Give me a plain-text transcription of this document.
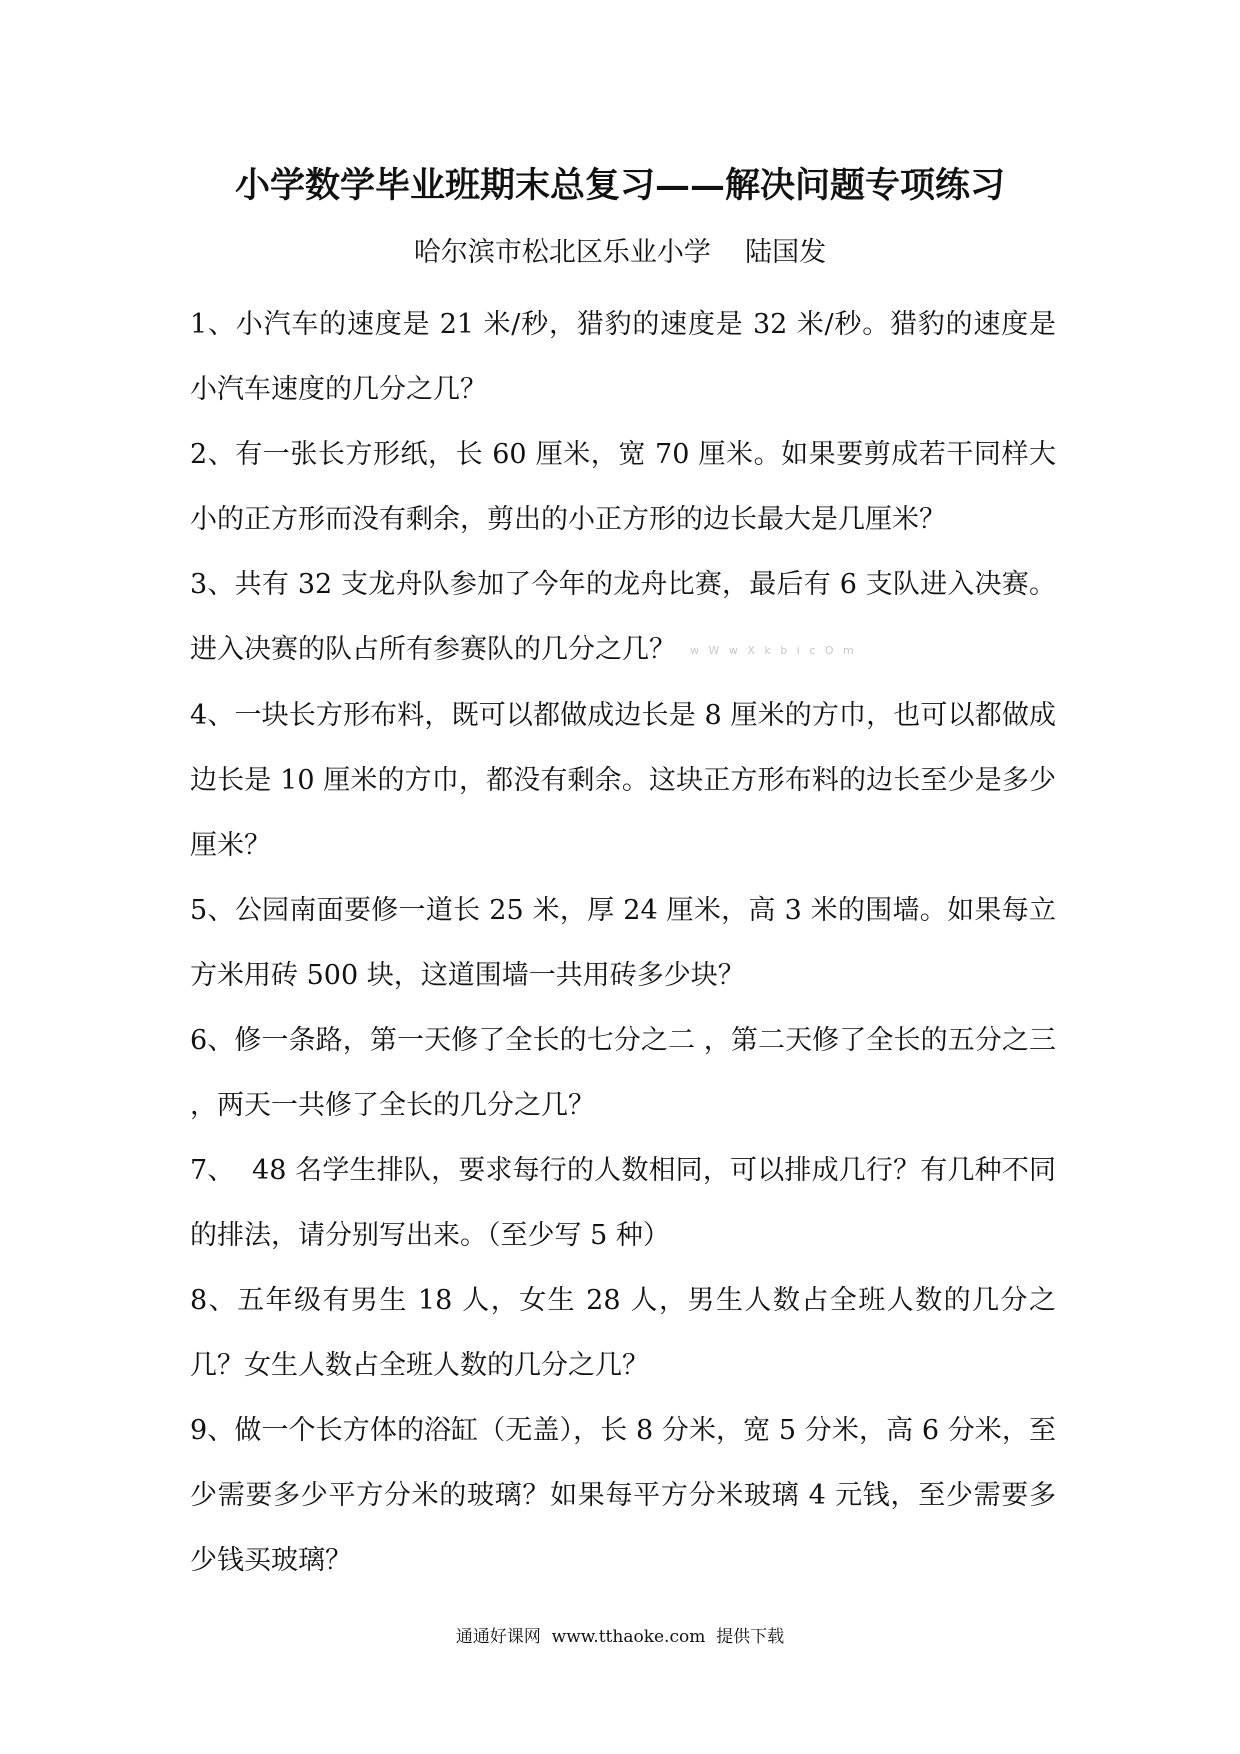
小学数学毕业班期末总复习——解决问题专项练习
哈尔滨市松北区乐业小学    陆国发

1、小汽车的速度是 21 米/秒，猎豹的速度是 32 米/秒。猎豹的速度是小汽车速度的几分之几？

2、有一张长方形纸，长 60 厘米，宽 70 厘米。如果要剪成若干同样大小的正方形而没有剩余，剪出的小正方形的边长最大是几厘米？

3、共有 32 支龙舟队参加了今年的龙舟比赛，最后有 6 支队进入决赛。进入决赛的队占所有参赛队的几分之几？ w W w X k b i c O m

4、一块长方形布料，既可以都做成边长是 8 厘米的方巾，也可以都做成边长是 10 厘米的方巾，都没有剩余。这块正方形布料的边长至少是多少厘米？

5、公园南面要修一道长 25 米，厚 24 厘米，高 3 米的围墙。如果每立方米用砖 500 块，这道围墙一共用砖多少块？

6、修一条路，第一天修了全长的七分之二 ，第二天修了全长的五分之三 ，两天一共修了全长的几分之几？

7、  48 名学生排队，要求每行的人数相同，可以排成几行？有几种不同的排法，请分别写出来。（至少写 5 种）

8、五年级有男生 18 人，女生 28 人，男生人数占全班人数的几分之几？女生人数占全班人数的几分之几？

9、做一个长方体的浴缸（无盖），长 8 分米，宽 5 分米，高 6 分米，至少需要多少平方分米的玻璃？如果每平方分米玻璃 4 元钱，至少需要多少钱买玻璃？

通通好课网  www.tthaoke.com  提供下载
